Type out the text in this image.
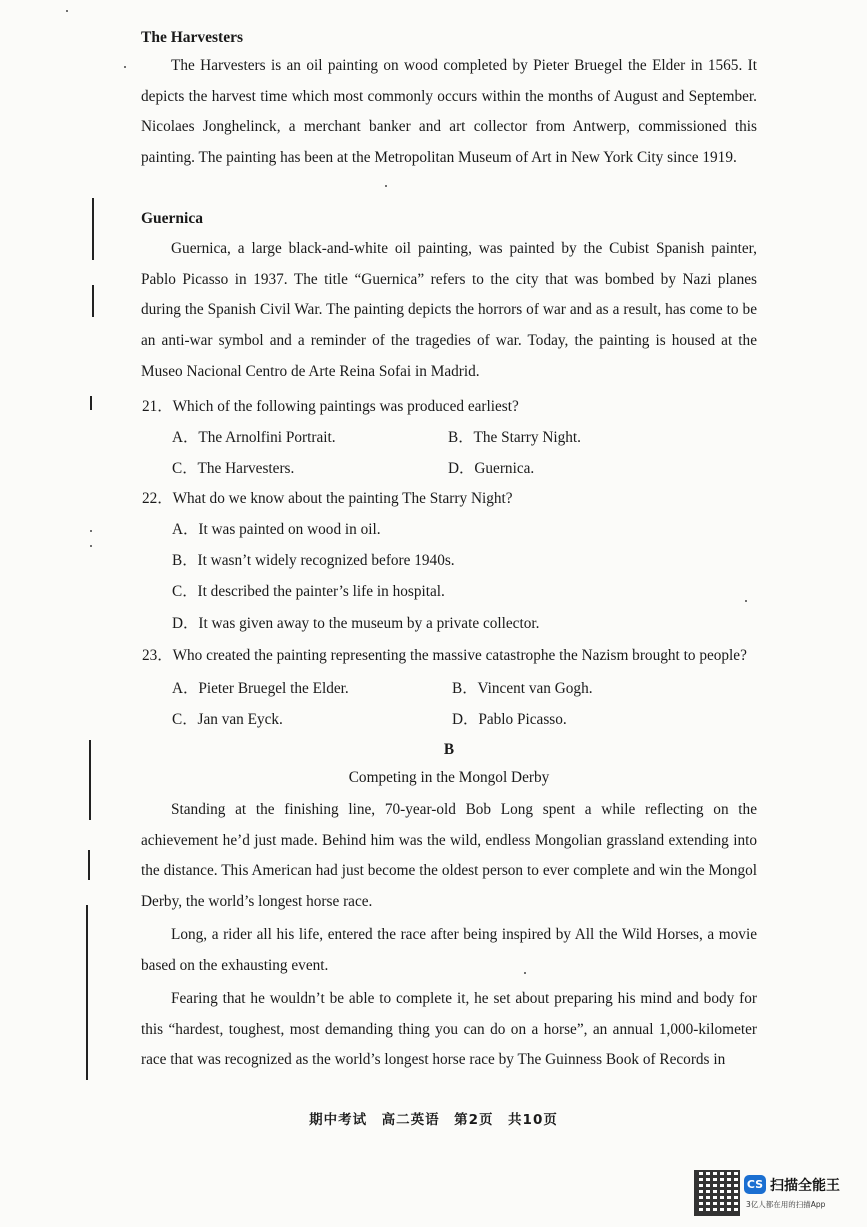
The Harvesters

The Harvesters is an oil painting on wood completed by Pieter Bruegel the Elder in 1565. It depicts the harvest time which most commonly occurs within the months of August and September. Nicolaes Jonghelinck, a merchant banker and art collector from Antwerp, commissioned this painting. The painting has been at the Metropolitan Museum of Art in New York City since 1919.

Guernica

Guernica, a large black-and-white oil painting, was painted by the Cubist Spanish painter, Pablo Picasso in 1937. The title “Guernica” refers to the city that was bombed by Nazi planes during the Spanish Civil War. The painting depicts the horrors of war and as a result, has come to be an anti-war symbol and a reminder of the tragedies of war. Today, the painting is housed at the Museo Nacional Centro de Arte Reina Sofai in Madrid.

21．Which of the following paintings was produced earliest?
A．The Arnolfini Portrait.	B．The Starry Night.
C．The Harvesters.	D．Guernica.
22．What do we know about the painting The Starry Night?
A．It was painted on wood in oil.
B．It wasn’t widely recognized before 1940s.
C．It described the painter’s life in hospital.
D．It was given away to the museum by a private collector.
23．Who created the painting representing the massive catastrophe the Nazism brought to people?
A．Pieter Bruegel the Elder.	B．Vincent van Gogh.
C．Jan van Eyck.	D．Pablo Picasso.
B
Competing in the Mongol Derby

Standing at the finishing line, 70-year-old Bob Long spent a while reflecting on the achievement he’d just made. Behind him was the wild, endless Mongolian grassland extending into the distance. This American had just become the oldest person to ever complete and win the Mongol Derby, the world’s longest horse race.

Long, a rider all his life, entered the race after being inspired by All the Wild Horses, a movie based on the exhausting event.

Fearing that he wouldn’t be able to complete it, he set about preparing his mind and body for this “hardest, toughest, most demanding thing you can do on a horse”, an annual 1,000-kilometer race that was recognized as the world’s longest horse race by The Guinness Book of Records in

期中考试　高二英语　第2页　共10页
CS 扫描全能王
3亿人都在用的扫描App
